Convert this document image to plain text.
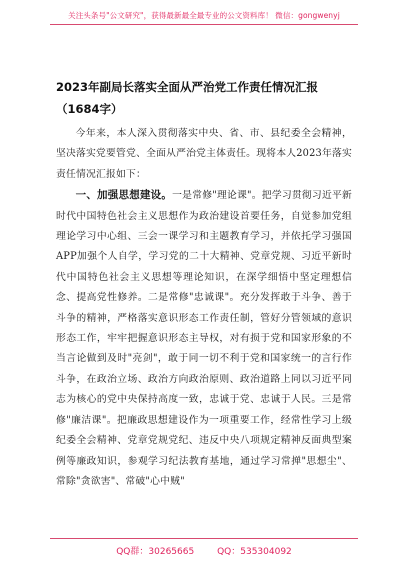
关注头条号"公文研究"，获得最新最全最专业的公文资料库！ 微信：gongwenyj
2023年副局长落实全面从严治党工作责任情况汇报（1684字）

今年来，本人深入贯彻落实中央、省、市、县纪委全会精神，坚决落实党要管党、全面从严治党主体责任。现将本人2023年落实责任情况汇报如下：

一、加强思想建设。一是常修"理论课"。把学习贯彻习近平新时代中国特色社会主义思想作为政治建设首要任务，自觉参加党组理论学习中心组、三会一课学习和主题教育学习，并依托学习强国APP加强个人自学，学习党的二十大精神、党章党规、习近平新时代中国特色社会主义思想等理论知识，在深学细悟中坚定理想信念、提高党性修养。二是常修"忠诚课"。充分发挥敢于斗争、善于斗争的精神，严格落实意识形态工作责任制，管好分管领域的意识形态工作，牢牢把握意识形态主导权，对有损于党和国家形象的不当言论做到及时"亮剑"，敢于同一切不利于党和国家统一的言行作斗争，在政治立场、政治方向政治原则、政治道路上同以习近平同志为核心的党中央保持高度一致，忠诚于党、忠诚于人民。三是常修"廉洁课"。把廉政思想建设作为一项重要工作，经常性学习上级纪委全会精神、党章党规党纪、违反中央八项规定精神反面典型案例等廉政知识，参观学习纪法教育基地，通过学习常掸"思想尘"、常除"贪欲害"、常破"心中贼"

QQ群：30265665	QQ：535304092
